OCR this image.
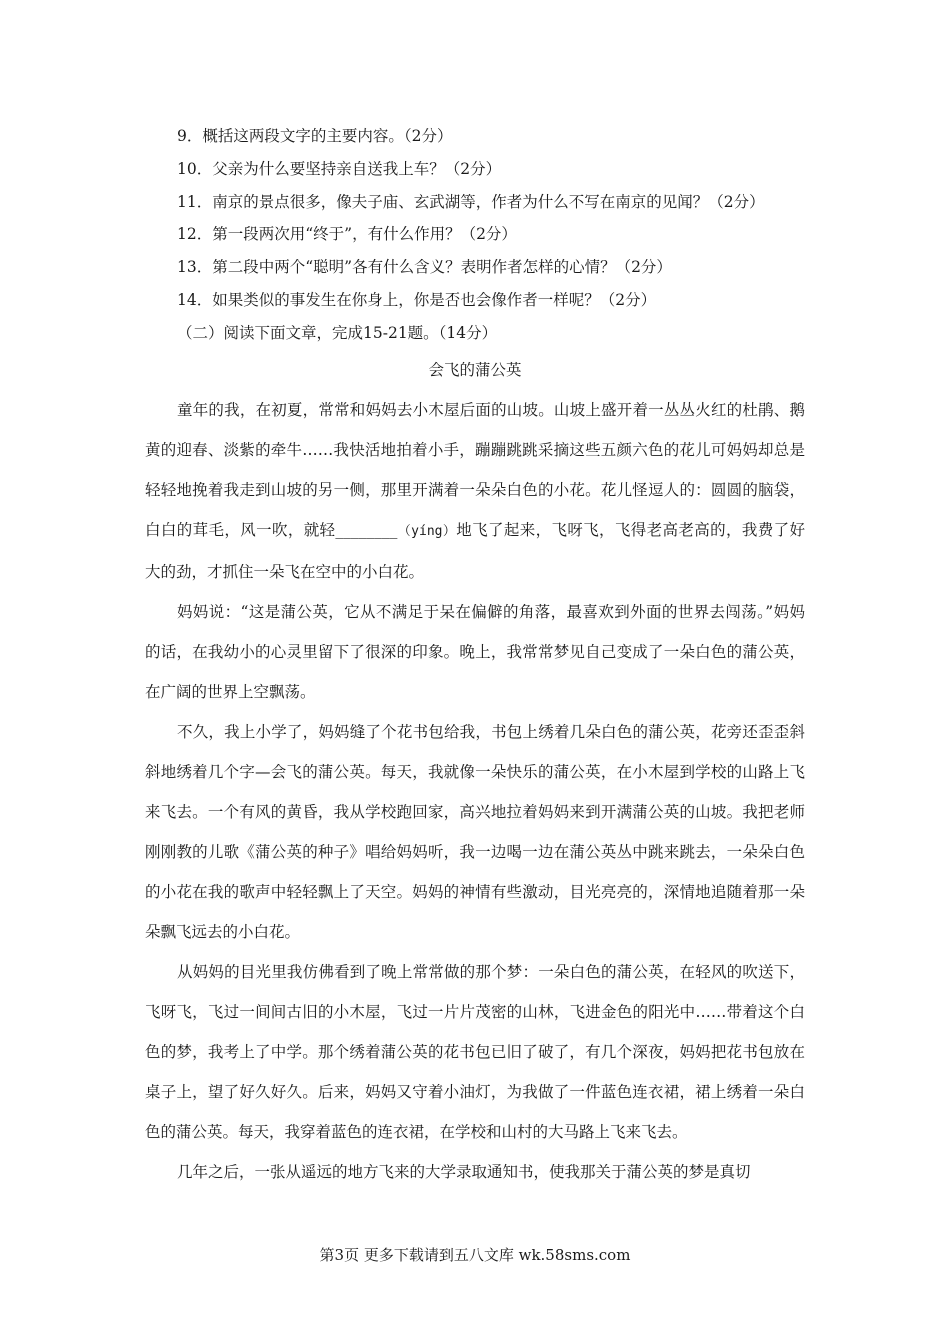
9．概括这两段文字的主要内容。（2分）

10．父亲为什么要坚持亲自送我上车？（2分）

11．南京的景点很多，像夫子庙、玄武湖等，作者为什么不写在南京的见闻？（2分）

12．第一段两次用“终于”，有什么作用？（2分）

13．第二段中两个“聪明”各有什么含义？表明作者怎样的心情？（2分）

14．如果类似的事发生在你身上，你是否也会像作者一样呢？（2分）

（二）阅读下面文章，完成15-21题。（14分）

会飞的蒲公英

童年的我，在初夏，常常和妈妈去小木屋后面的山坡。山坡上盛开着一丛丛火红的杜鹃、鹅黄的迎春、淡紫的牵牛……我快活地拍着小手，蹦蹦跳跳采摘这些五颜六色的花儿可妈妈却总是轻轻地挽着我走到山坡的另一侧，那里开满着一朵朵白色的小花。花儿怪逗人的：圆圆的脑袋，白白的茸毛，风一吹，就轻________（yíng）地飞了起来，飞呀飞，飞得老高老高的，我费了好大的劲，才抓住一朵飞在空中的小白花。

妈妈说：“这是蒲公英，它从不满足于呆在偏僻的角落，最喜欢到外面的世界去闯荡。”妈妈的话，在我幼小的心灵里留下了很深的印象。晚上，我常常梦见自己变成了一朵白色的蒲公英，在广阔的世界上空飘荡。

不久，我上小学了，妈妈缝了个花书包给我，书包上绣着几朵白色的蒲公英，花旁还歪歪斜斜地绣着几个字—会飞的蒲公英。每天，我就像一朵快乐的蒲公英，在小木屋到学校的山路上飞来飞去。一个有风的黄昏，我从学校跑回家，高兴地拉着妈妈来到开满蒲公英的山坡。我把老师刚刚教的儿歌《蒲公英的种子》唱给妈妈听，我一边喝一边在蒲公英丛中跳来跳去，一朵朵白色的小花在我的歌声中轻轻飘上了天空。妈妈的神情有些激动，目光亮亮的，深情地追随着那一朵朵飘飞远去的小白花。

从妈妈的目光里我仿佛看到了晚上常常做的那个梦：一朵白色的蒲公英，在轻风的吹送下，飞呀飞，飞过一间间古旧的小木屋，飞过一片片茂密的山林，飞进金色的阳光中……带着这个白色的梦，我考上了中学。那个绣着蒲公英的花书包已旧了破了，有几个深夜，妈妈把花书包放在桌子上，望了好久好久。后来，妈妈又守着小油灯，为我做了一件蓝色连衣裙，裙上绣着一朵白色的蒲公英。每天，我穿着蓝色的连衣裙，在学校和山村的大马路上飞来飞去。

几年之后，一张从遥远的地方飞来的大学录取通知书，使我那关于蒲公英的梦是真切

第3页 更多下载请到五八文库 wk.58sms.com
